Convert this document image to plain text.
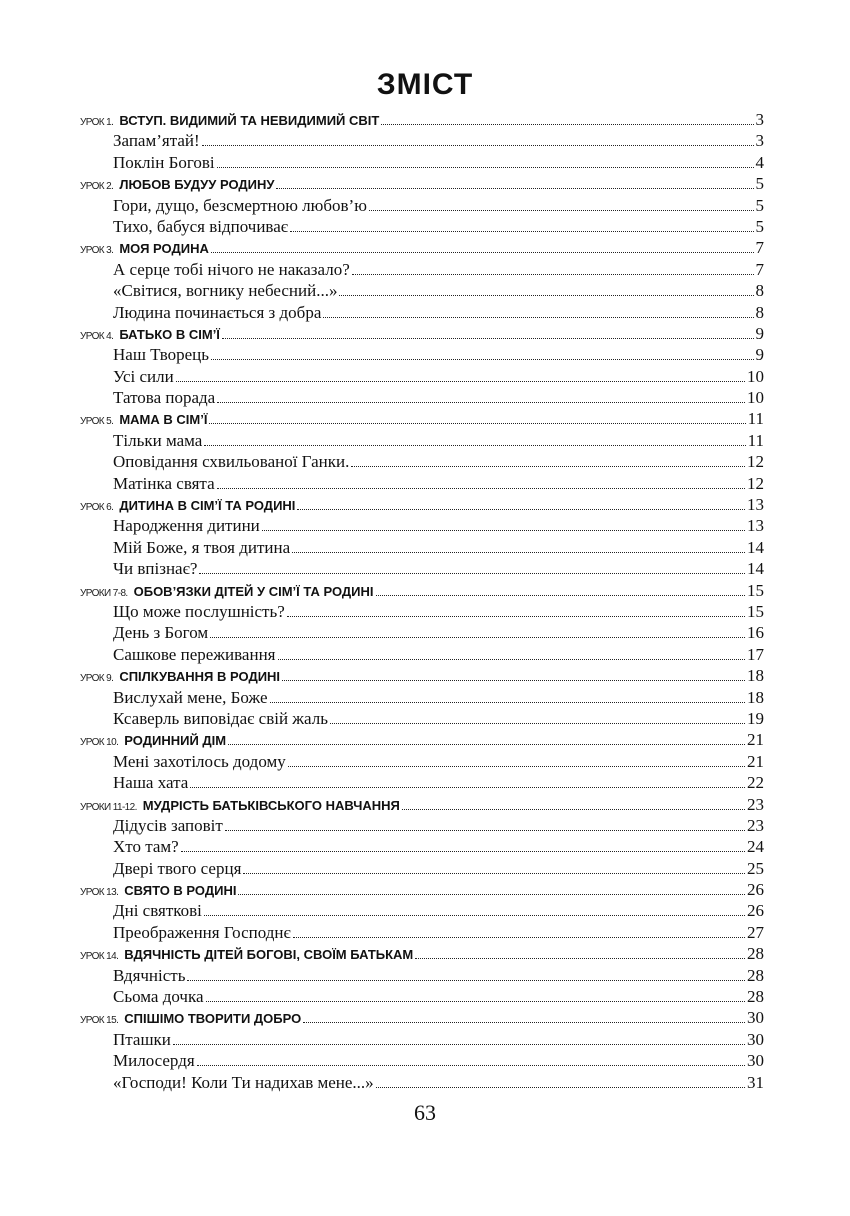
ЗМІСТ
УРОК 1. ВСТУП. ВИДИМИЙ ТА НЕВИДИМИЙ СВІТ	3
Запам’ятай!	3
Поклін Богові	4
УРОК 2. ЛЮБОВ БУДУУ РОДИНУ	5
Гори, дущо, безсмертною любов’ю	5
Тихо, бабуся відпочиває	5
УРОК 3. МОЯ РОДИНА	7
А серце тобі нічого не наказало?	7
«Світися, вогнику небесний...»	8
Людина починається з добра	8
УРОК 4. БАТЬКО В СІМ’Ї	9
Наш Творець	9
Усі сили	10
Татова порада	10
УРОК 5. МАМА В СІМ’Ї	11
Тільки мама	11
Оповідання схвильованої Ганки.	12
Матінка свята	12
УРОК 6. ДИТИНА В СІМ’Ї ТА РОДИНІ	13
Народження дитини	13
Мій Боже, я твоя дитина	14
Чи впізнає?	14
УРОКИ 7-8. ОБОВ’ЯЗКИ ДІТЕЙ У СІМ’Ї ТА РОДИНІ	15
Що може послушність?	15
День з Богом	16
Сашкове переживання	17
УРОК 9. СПІЛКУВАННЯ В РОДИНІ	18
Вислухай мене, Боже	18
Ксаверль виповідає свій жаль	19
УРОК 10. РОДИННИЙ ДІМ	21
Мені захотілось додому	21
Наша хата	22
УРОКИ 11-12. МУДРІСТЬ БАТЬКІВСЬКОГО НАВЧАННЯ	23
Дідусів заповіт	23
Хто там?	24
Двері твого серця	25
УРОК 13. СВЯТО В РОДИНІ	26
Дні святкові	26
Преображення Господнє	27
УРОК 14. ВДЯЧНІСТЬ ДІТЕЙ БОГОВІ, СВОЇМ БАТЬКАМ	28
Вдячність	28
Сьома дочка	28
УРОК 15. СПІШІМО ТВОРИТИ ДОБРО	30
Пташки	30
Милосердя	30
«Господи! Коли Ти надихав мене...»	31
63
